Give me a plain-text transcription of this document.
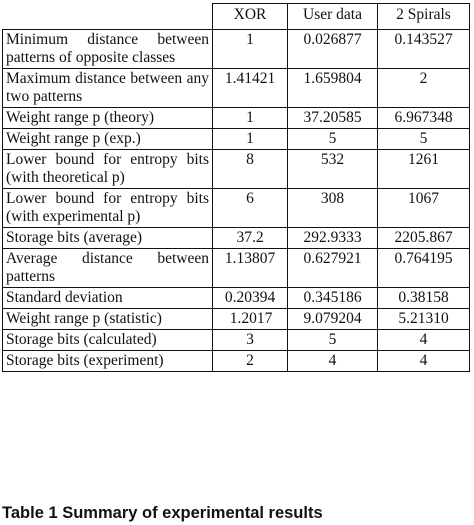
	XOR	User data	2 Spirals
Minimum distance between patterns of opposite classes	1	0.026877	0.143527
Maximum distance between any two patterns	1.41421	1.659804	2
Weight range p (theory)	1	37.20585	6.967348
Weight range p (exp.)	1	5	5
Lower bound for entropy bits (with theoretical p)	8	532	1261
Lower bound for entropy bits (with experimental p)	6	308	1067
Storage bits (average)	37.2	292.9333	2205.867
Average distance between patterns	1.13807	0.627921	0.764195
Standard deviation	0.20394	0.345186	0.38158
Weight range p (statistic)	1.2017	9.079204	5.21310
Storage bits (calculated)	3	5	4
Storage bits (experiment)	2	4	4
Table 1 Summary of experimental results
